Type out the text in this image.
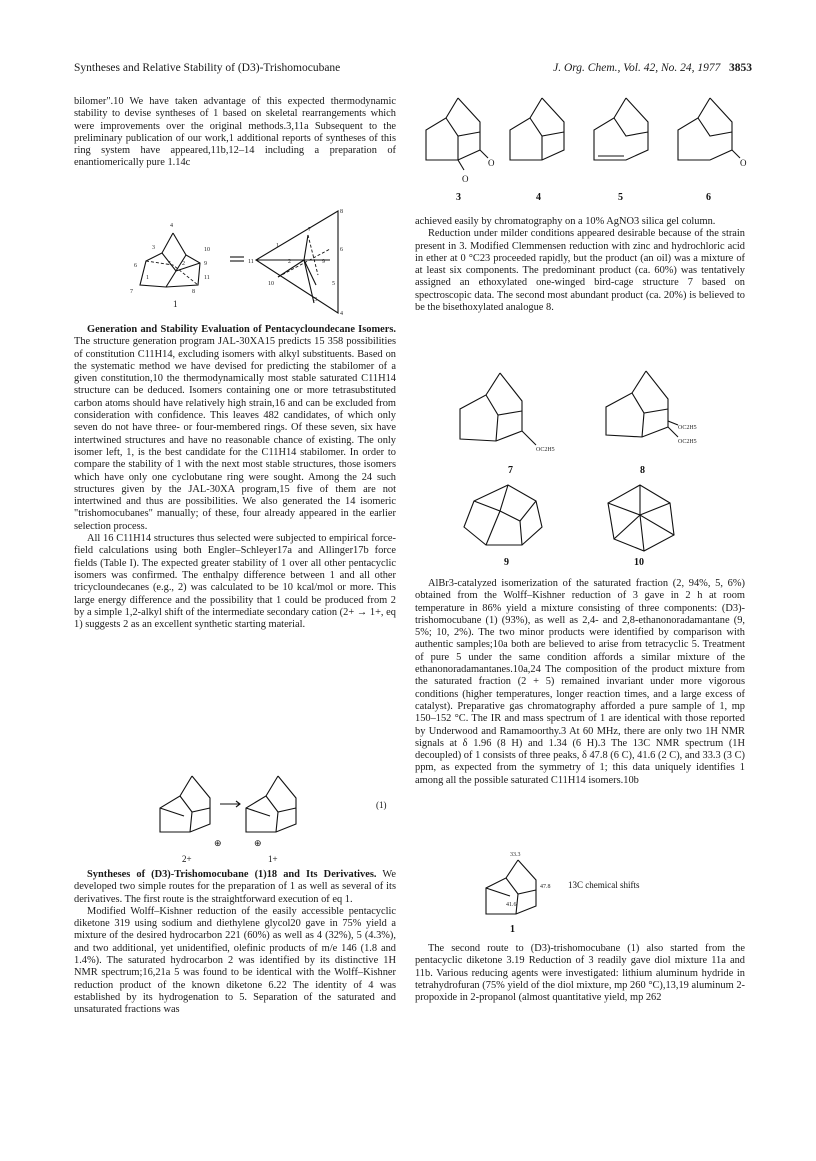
Syntheses and Relative Stability of (D3)-Trishomocubane	J. Org. Chem., Vol. 42, No. 24, 1977 3853

bilomer".10 We have taken advantage of this expected thermodynamic stability to devise syntheses of 1 based on skeletal rearrangements which were improvements over the original methods.3,11a Subsequent to the preliminary publication of our work,1 additional reports of syntheses of this ring system have appeared,11b,12–14 including a preparation of enantiomerically pure 1.14c

4
3	10
6	5 2	9
1	11
7	8
8
7
6
1
2	9
11
10	5
3
4
1

Generation and Stability Evaluation of Pentacycloundecane Isomers. The structure generation program JAL-30XA15 predicts 15 358 possibilities of constitution C11H14, excluding isomers with alkyl substituents. Based on the systematic method we have devised for predicting the stabilomer of a given constitution,10 the thermodynamically most stable saturated C11H14 structure can be deduced. Isomers containing one or more tetrasubstituted carbon atoms should have relatively high strain,16 and can be excluded from consideration with confidence. This leaves 482 candidates, of which only seven do not have three- or four-membered rings. Of these seven, six have intertwined structures and have no reasonable chance of existing. The only isomer left, 1, is the best candidate for the C11H14 stabilomer. In order to compare the stability of 1 with the next most stable structures, those isomers which have only one cyclobutane ring were sought. Among the 24 such structures given by the JAL-30XA program,15 five of them are not intertwined and thus are possibilities. We also generated the 14 isomeric "trishomocubanes" manually; of these, four already appeared in the earlier selection process.

All 16 C11H14 structures thus selected were subjected to empirical force-field calculations using both Engler–Schleyer17a and Allinger17b force fields (Table I). The expected greater stability of 1 over all other pentacyclic isomers was confirmed. The enthalpy difference between 1 and all other tricycloundecanes (e.g., 2) was calculated to be 10 kcal/mol or more. This large energy difference and the possibility that 1 could be produced from 2 by a simple 1,2-alkyl shift of the intermediate secondary cation (2+ → 1+, eq 1) suggests 2 as an excellent synthetic starting material.

⊕	⊕
2+	1+
(1)

Syntheses of (D3)-Trishomocubane (1)18 and Its Derivatives. We developed two simple routes for the preparation of 1 as well as several of its derivatives. The first route is the straightforward execution of eq 1.

Modified Wolff–Kishner reduction of the easily accessible pentacyclic diketone 319 using sodium and diethylene glycol20 gave in 75% yield a mixture of the desired hydrocarbon 221 (60%) as well as 4 (32%), 5 (4.3%), and two additional, yet unidentified, olefinic products of m/e 146 (1.8 and 1.4%). The saturated hydrocarbon 2 was identified by its distinctive 1H NMR spectrum;16,21a 5 was found to be identical with the Wolff–Kishner reduction product of the known diketone 6.22 The identity of 4 was established by its hydrogenation to 5. Separation of the saturated and unsaturated fractions was

O
O
O
3	4	5	6

achieved easily by chromatography on a 10% AgNO3 silica gel column.

Reduction under milder conditions appeared desirable because of the strain present in 3. Modified Clemmensen reduction with zinc and hydrochloric acid in ether at 0 °C23 proceeded rapidly, but the product (an oil) was a mixture of at least six components. The predominant product (ca. 60%) was tentatively assigned an ethoxylated one-winged bird-cage structure 7 based on spectroscopic data. The second most abundant product (ca. 20%) is believed to be the bisethoxylated analogue 8.

OC2H5
OC2H5
OC2H5
7	8
9	10

AlBr3-catalyzed isomerization of the saturated fraction (2, 94%, 5, 6%) obtained from the Wolff–Kishner reduction of 3 gave in 2 h at room temperature in 86% yield a mixture consisting of three components: (D3)-trishomocubane (1) (93%), as well as 2,4- and 2,8-ethanonoradamantane (9, 5%; 10, 2%). The two minor products were identified by comparison with authentic samples;10a both are believed to arise from tetracyclic 5. Treatment of pure 5 under the same condition affords a similar mixture of the ethanonoradamantanes.10a,24 The composition of the product mixture from the saturated fraction (2 + 5) remained invariant under more vigorous conditions (higher temperatures, longer reaction times, and a large excess of catalyst). Preparative gas chromatography afforded a pure sample of 1, mp 150–152 °C. The IR and mass spectrum of 1 are identical with those reported by Underwood and Ramamoorthy.3 At 60 MHz, there are only two 1H NMR signals at δ 1.96 (8 H) and 1.34 (6 H).3 The 13C NMR spectrum (1H decoupled) of 1 consists of three peaks, δ 47.8 (6 C), 41.6 (2 C), and 33.3 (3 C) ppm, as expected from the symmetry of 1; this data uniquely identifies 1 among all the possible saturated C11H14 isomers.10b

33.3
47.8
41.6
13C chemical shifts
1

The second route to (D3)-trishomocubane (1) also started from the pentacyclic diketone 3.19 Reduction of 3 readily gave diol mixture 11a and 11b. Various reducing agents were investigated: lithium aluminum hydride in tetrahydrofuran (75% yield of the diol mixture, mp 260 °C),13,19 aluminum 2-propoxide in 2-propanol (almost quantitative yield, mp 262
